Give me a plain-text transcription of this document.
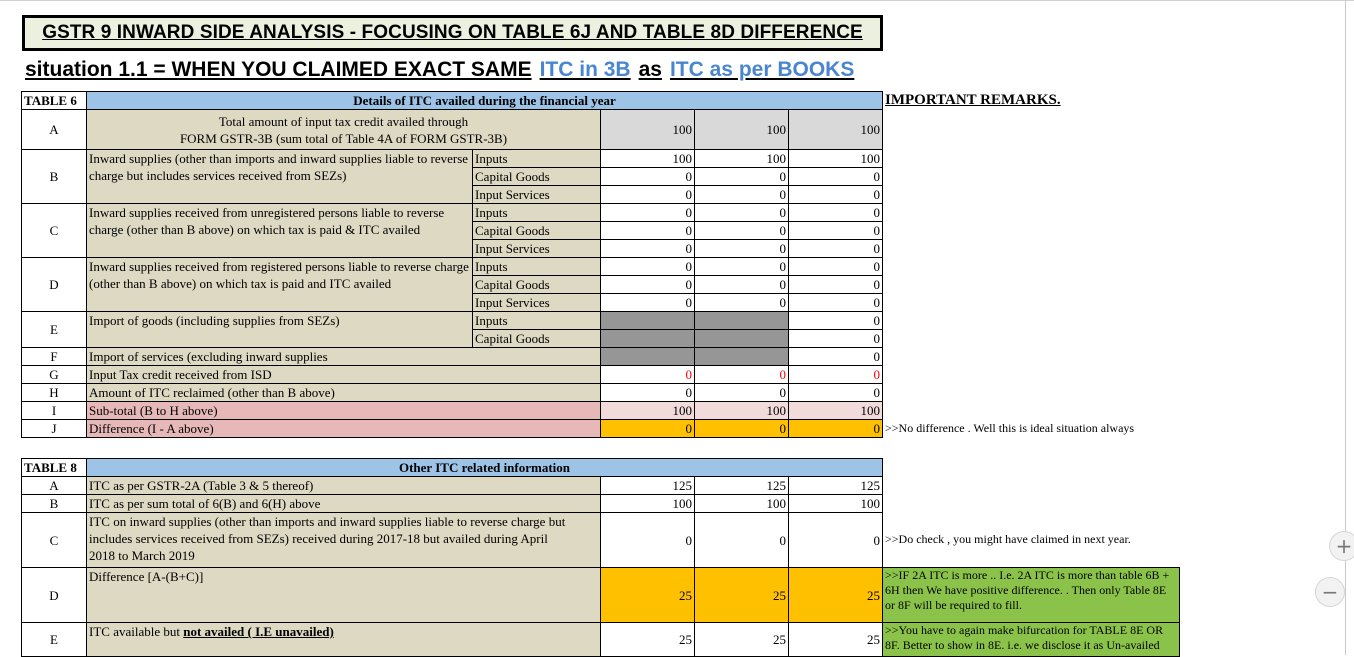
GSTR 9 INWARD SIDE ANALYSIS - FOCUSING ON TABLE 6J AND TABLE 8D DIFFERENCE
situation 1.1 = WHEN YOU CLAIMED EXACT SAME ITC in 3B as ITC as per BOOKS
TABLE 6	Details of ITC availed during the financial year					IMPORTANT REMARKS.
A	Total amount of input tax credit availed through
FORM GSTR-3B (sum total of Table 4A of FORM GSTR-3B)		100	100	100	
B	Inward supplies (other than imports and inward supplies liable to reverse charge but includes services received from SEZs)	Inputs	100	100	100	
		Capital Goods	0	0	0	
		Input Services	0	0	0	
C	Inward supplies received from unregistered persons liable to reverse charge (other than B above) on which tax is paid & ITC availed	Inputs	0	0	0	
		Capital Goods	0	0	0	
		Input Services	0	0	0	
D	Inward supplies received from registered persons liable to reverse charge (other than B above) on which tax is paid and ITC availed	Inputs	0	0	0	
		Capital Goods	0	0	0	
		Input Services	0	0	0	
E	Import of goods (including supplies from SEZs)	Inputs			0	
		Capital Goods			0	
F	Import of services (excluding inward supplies				0	
G	Input Tax credit received from ISD		0	0	0	
H	Amount of ITC reclaimed (other than B above)		0	0	0	
I	Sub-total (B to H above)		100	100	100	
J	Difference (I - A above)		0	0	0	>>No difference . Well this is ideal situation always
TABLE 8	Other ITC related information				
A	ITC as per GSTR-2A (Table 3 & 5 thereof)	125	125	125	
B	ITC as per sum total of 6(B) and 6(H) above	100	100	100	
C	ITC on inward supplies (other than imports and inward supplies liable to reverse charge but includes services received from SEZs) received during 2017-18 but availed during April 2018 to March 2019	0	0	0	>>Do check , you might have claimed in next year.
D	Difference [A-(B+C)]	25	25	25	>>IF 2A ITC is more .. I.e. 2A ITC is more than table 6B + 6H then We have positive difference. . Then only Table 8E or 8F will be required to fill.
E	ITC available but not availed ( I.E unavailed)	25	25	25	>>You have to again make bifurcation for TABLE 8E OR 8F. Better to show in 8E. i.e. we disclose it as Un-availed
+
−
